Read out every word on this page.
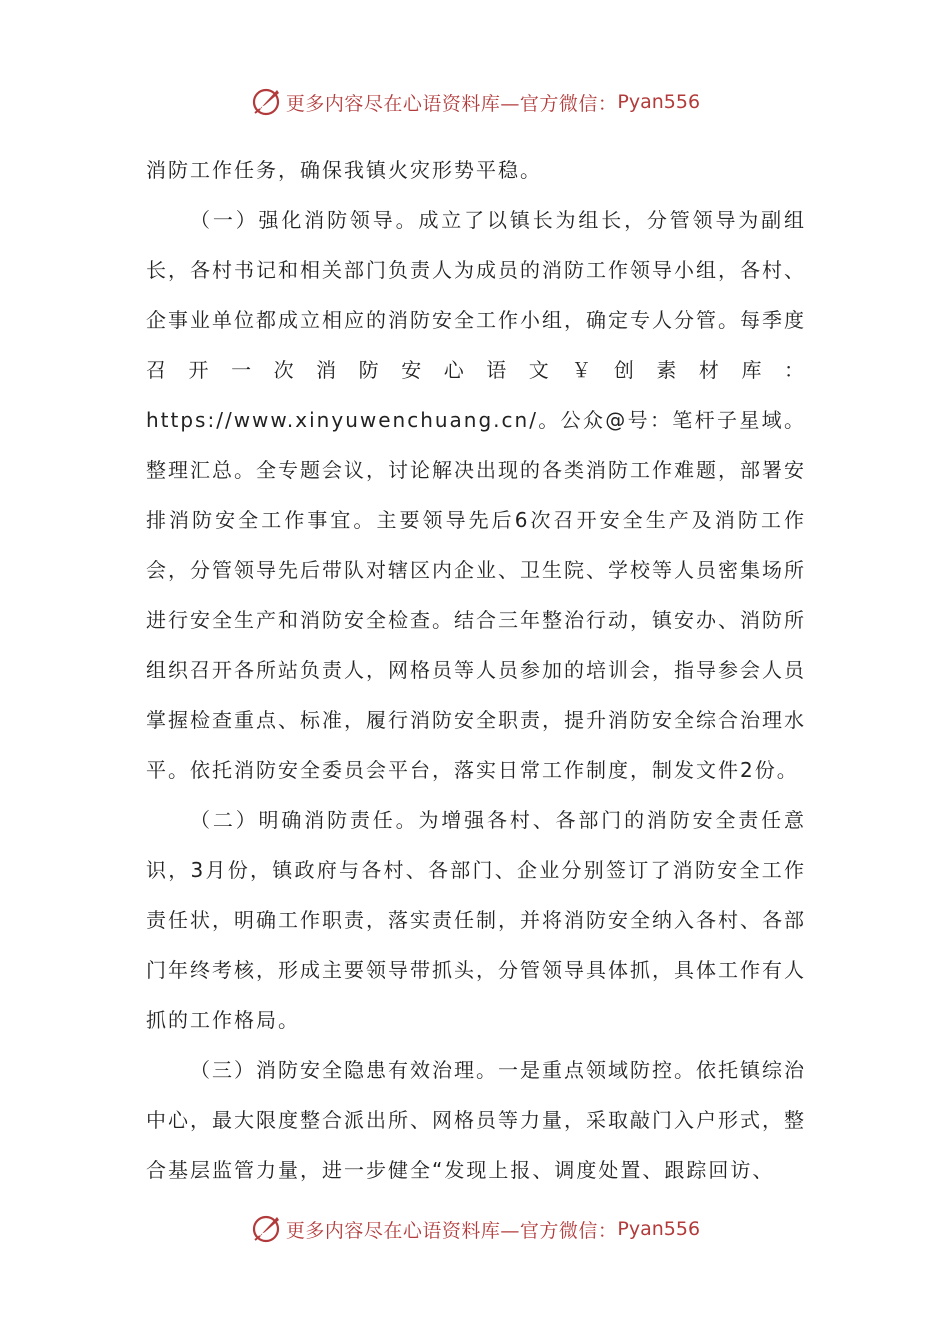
更多内容尽在心语资料库—官方微信： Pyan556

消防工作任务，确保我镇火灾形势平稳。

（一）强化消防领导。成立了以镇长为组长，分管领导为副组长，各村书记和相关部门负责人为成员的消防工作领导小组，各村、企事业单位都成立相应的消防安全工作小组，确定专人分管。每季度召开一次消防安心语文￥创素材库：https://www.xinyuwenchuang.cn/。公众@号：笔杆子星域。整理汇总。全专题会议，讨论解决出现的各类消防工作难题，部署安排消防安全工作事宜。主要领导先后6次召开安全生产及消防工作会，分管领导先后带队对辖区内企业、卫生院、学校等人员密集场所进行安全生产和消防安全检查。结合三年整治行动，镇安办、消防所组织召开各所站负责人，网格员等人员参加的培训会，指导参会人员掌握检查重点、标准，履行消防安全职责，提升消防安全综合治理水平。依托消防安全委员会平台，落实日常工作制度，制发文件2份。

（二）明确消防责任。为增强各村、各部门的消防安全责任意识，3月份，镇政府与各村、各部门、企业分别签订了消防安全工作责任状，明确工作职责，落实责任制，并将消防安全纳入各村、各部门年终考核，形成主要领导带抓头，分管领导具体抓，具体工作有人抓的工作格局。

（三）消防安全隐患有效治理。一是重点领域防控。依托镇综治中心，最大限度整合派出所、网格员等力量，采取敲门入户形式，整合基层监管力量，进一步健全“发现上报、调度处置、跟踪回访、

更多内容尽在心语资料库—官方微信： Pyan556
